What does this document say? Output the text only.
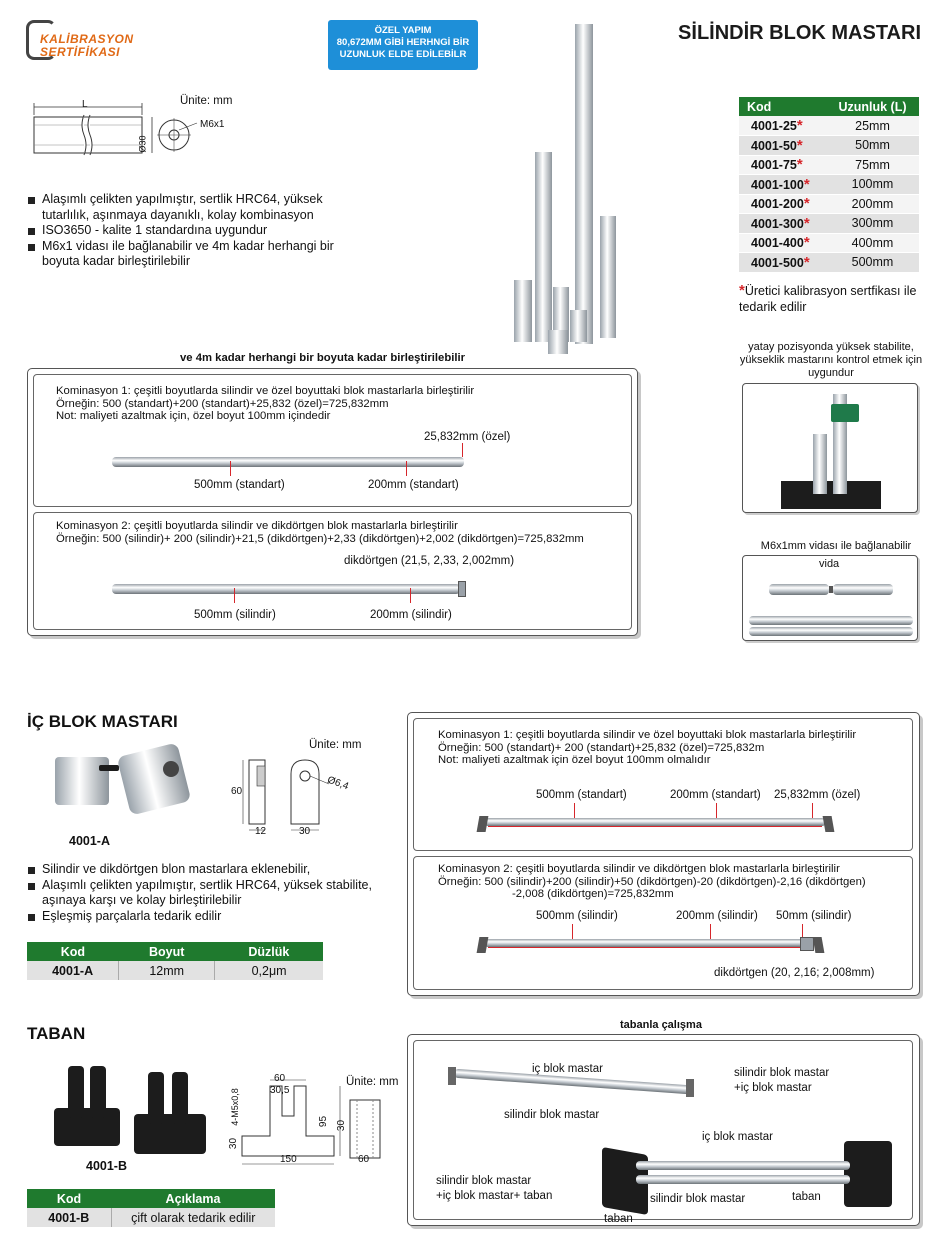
KALİBRASYON
SERTİFİKASI
ÖZEL YAPIM
80,672MM GİBİ HERHNGİ BİR
UZUNLUK ELDE EDİLEBİLR
SİLİNDİR BLOK MASTARI
Ünite: mm
L
Ø30
M6x1
Alaşımlı çelikten yapılmıştır, sertlik HRC64, yüksek tutarlılık, aşınmaya dayanıklı, kolay kombinasyon
ISO3650 - kalite 1 standardına uygundur
M6x1 vidası ile bağlanabilir ve 4m kadar herhangi bir boyuta kadar birleştirilebilir
Kod	Uzunluk (L)
4001-25*	25mm
4001-50*	50mm
4001-75*	75mm
4001-100*	100mm
4001-200*	200mm
4001-300*	300mm
4001-400*	400mm
4001-500*	500mm
*Üretici kalibrasyon sertfikası ile tedarik edilir
yatay pozisyonda yüksek stabilite, yükseklik mastarını kontrol etmek için uygundur
M6x1mm vidası ile bağlanabilir
vida
ve 4m kadar herhangi bir boyuta kadar birleştirilebilir
Kominasyon 1: çeşitli boyutlarda silindir ve özel boyuttaki blok mastarlarla birleştirilir
Örneğin: 500 (standart)+200 (standart)+25,832 (özel)=725,832mm
Not: maliyeti azaltmak için, özel boyut 100mm içindedir
25,832mm (özel)
500mm (standart)	200mm (standart)
Kominasyon 2: çeşitli boyutlarda silindir ve dikdörtgen blok mastarlarla birleştirilir
Örneğin: 500 (silindir)+ 200 (silindir)+21,5 (dikdörtgen)+2,33 (dikdörtgen)+2,002 (dikdörtgen)=725,832mm
dikdörtgen (21,5, 2,33, 2,002mm)
500mm (silindir)	200mm (silindir)
İÇ BLOK MASTARI
4001-A
Ünite: mm
60
12	30
Ø6,4
Silindir ve dikdörtgen blon mastarlara eklenebilir,
Alaşımlı çelikten yapılmıştır, sertlik HRC64, yüksek stabilite, aşınaya karşı ve kolay birleştirilebilir
Eşleşmiş parçalarla tedarik edilir
Kod	Boyut	Düzlük
4001-A	12mm	0,2μm
Kominasyon 1: çeşitli boyutlarda silindir ve özel boyuttaki blok mastarlarla birleştirilir
Örneğin: 500 (standart)+ 200 (standart)+25,832 (özel)=725,832m
Not: maliyeti azaltmak için özel boyut 100mm olmalıdır
500mm (standart)	200mm (standart) 25,832mm (özel)
Kominasyon 2: çeşitli boyutlarda silindir ve dikdörtgen blok mastarlarla birleştirilir
Örneğin: 500 (silindir)+200 (silindir)+50 (dikdörtgen)-20 (dikdörtgen)-2,16 (dikdörtgen)
-2,008 (dikdörtgen)=725,832mm
500mm (silindir)	200mm (silindir) 50mm (silindir)
dikdörtgen (20, 2,16; 2,008mm)
TABAN
4001-B
60
30,5
4-M5x0,8	95
30
150
30
60
Ünite: mm
Kod	Açıklama
4001-B	çift olarak tedarik edilir
tabanla çalışma
iç blok mastar
silindir blok mastar
silindir blok mastar
+iç blok mastar
iç blok mastar
silindir blok mastar
+iç blok mastar+ taban
taban
silindir blok mastar	taban
